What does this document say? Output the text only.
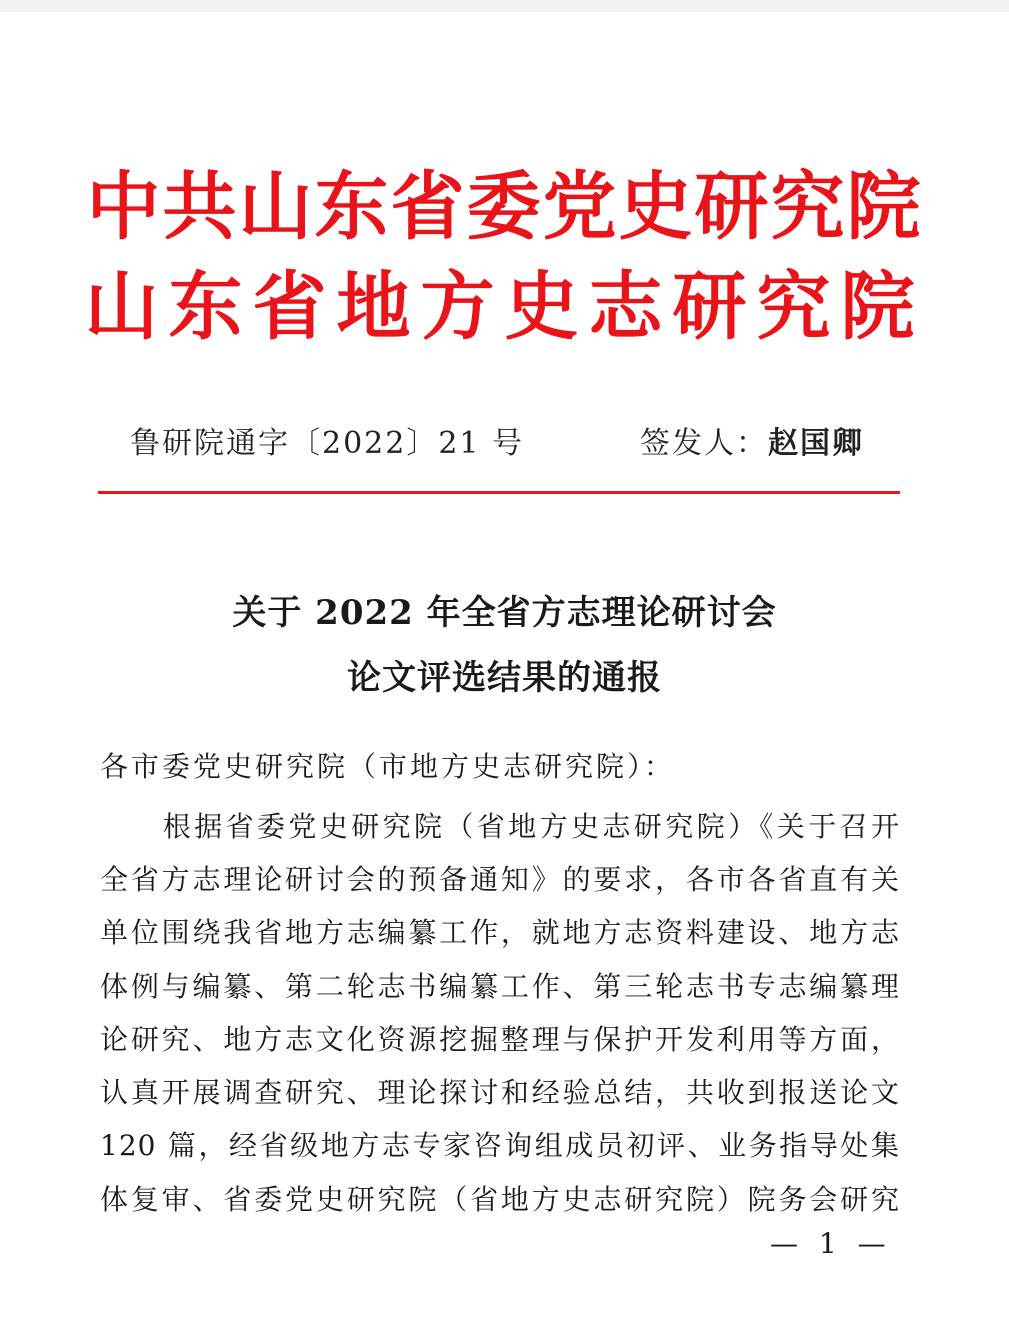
中共山东省委党史研究院
山东省地方史志研究院
鲁研院通字〔2022〕21 号	签发人：赵国卿
关于 2022 年全省方志理论研讨会
论文评选结果的通报
各市委党史研究院（市地方史志研究院）：
　　根据省委党史研究院（省地方史志研究院）《关于召开
全省方志理论研讨会的预备通知》的要求，各市各省直有关
单位围绕我省地方志编纂工作，就地方志资料建设、地方志
体例与编纂、第二轮志书编纂工作、第三轮志书专志编纂理
论研究、地方志文化资源挖掘整理与保护开发利用等方面，
认真开展调查研究、理论探讨和经验总结，共收到报送论文
120 篇，经省级地方志专家咨询组成员初评、业务指导处集
体复审、省委党史研究院（省地方史志研究院）院务会研究
— 1 —
